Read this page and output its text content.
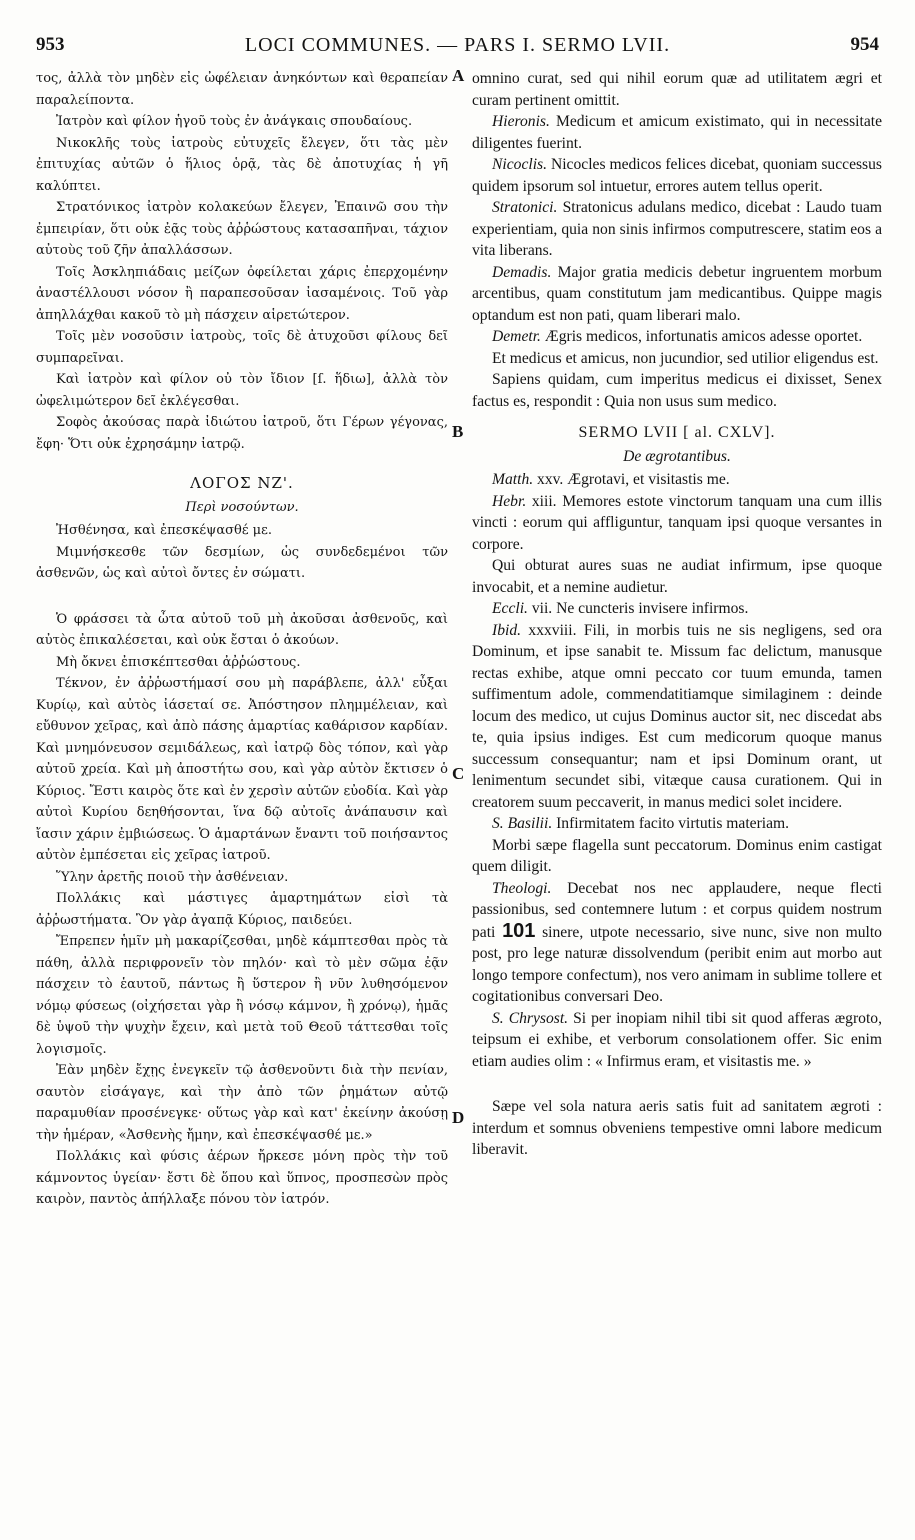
953	LOCI COMMUNES. — PARS I. SERMO LVII.	954
A
B
C
D

τος, ἀλλὰ τὸν μηδὲν εἰς ὠφέλειαν ἀνηκόντων καὶ θεραπείαν παραλείποντα.

Ἰατρὸν καὶ φίλον ἡγοῦ τοὺς ἐν ἀνάγκαις σπουδαίους.

Νικοκλῆς τοὺς ἰατροὺς εὐτυχεῖς ἔλεγεν, ὅτι τὰς μὲν ἐπιτυχίας αὐτῶν ὁ ἥλιος ὁρᾷ, τὰς δὲ ἀποτυχίας ἡ γῆ καλύπτει.

Στρατόνικος ἰατρὸν κολακεύων ἔλεγεν, Ἐπαινῶ σου τὴν ἐμπειρίαν, ὅτι οὐκ ἐᾷς τοὺς ἀῤῥώστους κατασαπῆναι, τάχιον αὐτοὺς τοῦ ζῆν ἀπαλλάσσων.

Τοῖς Ἀσκληπιάδαις μείζων ὀφείλεται χάρις ἐπερχομένην ἀναστέλλουσι νόσον ἢ παραπεσοῦσαν ἰασαμένοις. Τοῦ γὰρ ἀπηλλάχθαι κακοῦ τὸ μὴ πάσχειν αἱρετώτερον.

Τοῖς μὲν νοσοῦσιν ἰατροὺς, τοῖς δὲ ἀτυχοῦσι φίλους δεῖ συμπαρεῖναι.

Καὶ ἰατρὸν καὶ φίλον οὐ τὸν ἴδιον [ſ. ἥδιω], ἀλλὰ τὸν ὠφελιμώτερον δεῖ ἐκλέγεσθαι.

Σοφὸς ἀκούσας παρὰ ἰδιώτου ἰατροῦ, ὅτι Γέρων γέγονας, ἔφη· Ὅτι οὐκ ἐχρησάμην ἰατρῷ.

ΛΟΓΟΣ ΝΖ'.
Περὶ νοσούντων.

Ἠσθένησα, καὶ ἐπεσκέψασθέ με.

Μιμνήσκεσθε τῶν δεσμίων, ὡς συνδεδεμένοι τῶν ἀσθενῶν, ὡς καὶ αὐτοὶ ὄντες ἐν σώματι.

Ὁ φράσσει τὰ ὦτα αὐτοῦ τοῦ μὴ ἀκοῦσαι ἀσθενοῦς, καὶ αὐτὸς ἐπικαλέσεται, καὶ οὐκ ἔσται ὁ ἀκούων.

Μὴ ὄκνει ἐπισκέπτεσθαι ἀῤῥώστους.

Τέκνον, ἐν ἀῤῥωστήμασί σου μὴ παράβλεπε, ἀλλ' εὖξαι Κυρίῳ, καὶ αὐτὸς ἰάσεταί σε. Ἀπόστησον πλημμέλειαν, καὶ εὔθυνον χεῖρας, καὶ ἀπὸ πάσης ἁμαρτίας καθάρισον καρδίαν. Καὶ μνημόνευσον σεμιδάλεως, καὶ ἰατρῷ δὸς τόπον, καὶ γὰρ αὐτοῦ χρεία. Καὶ μὴ ἀποστήτω σου, καὶ γὰρ αὐτὸν ἔκτισεν ὁ Κύριος. Ἔστι καιρὸς ὅτε καὶ ἐν χερσὶν αὐτῶν εὐοδία. Καὶ γὰρ αὐτοὶ Κυρίου δεηθήσονται, ἵνα δῷ αὐτοῖς ἀνάπαυσιν καὶ ἴασιν χάριν ἐμβιώσεως. Ὁ ἁμαρτάνων ἔναντι τοῦ ποιήσαντος αὐτὸν ἐμπέσεται εἰς χεῖρας ἰατροῦ.

Ὕλην ἀρετῆς ποιοῦ τὴν ἀσθένειαν.

Πολλάκις καὶ μάστιγες ἁμαρτημάτων εἰσὶ τὰ ἀῤῥωστήματα. Ὃν γὰρ ἀγαπᾷ Κύριος, παιδεύει.

Ἔπρεπεν ἡμῖν μὴ μακαρίζεσθαι, μηδὲ κάμπτεσθαι πρὸς τὰ πάθη, ἀλλὰ περιφρονεῖν τὸν πηλόν· καὶ τὸ μὲν σῶμα ἐᾷν πάσχειν τὸ ἑαυτοῦ, πάντως ἢ ὕστερον ἢ νῦν λυθησόμενον νόμῳ φύσεως (οἰχήσεται γὰρ ἢ νόσῳ κάμνον, ἢ χρόνῳ), ἡμᾶς δὲ ὑψοῦ τὴν ψυχὴν ἔχειν, καὶ μετὰ τοῦ Θεοῦ τάττεσθαι τοῖς λογισμοῖς.

Ἐὰν μηδὲν ἔχῃς ἐνεγκεῖν τῷ ἀσθενοῦντι διὰ τὴν πενίαν, σαυτὸν εἰσάγαγε, καὶ τὴν ἀπὸ τῶν ῥημάτων αὐτῷ παραμυθίαν προσένεγκε· οὕτως γὰρ καὶ κατ' ἐκείνην ἀκούσῃ τὴν ἡμέραν, «Ἀσθενὴς ἤμην, καὶ ἐπεσκέψασθέ με.»

Πολλάκις καὶ φύσις ἀέρων ἤρκεσε μόνη πρὸς τὴν τοῦ κάμνοντος ὑγείαν· ἔστι δὲ ὅπου καὶ ὕπνος, προσπεσὼν πρὸς καιρὸν, παντὸς ἀπήλλαξε πόνου τὸν ἰατρόν.

omnino curat, sed qui nihil eorum quæ ad utilitatem ægri et curam pertinent omittit.

Hieronis. Medicum et amicum existimato, qui in necessitate diligentes fuerint.

Nicoclis. Nicocles medicos felices dicebat, quoniam successus quidem ipsorum sol intuetur, errores autem tellus operit.

Stratonici. Stratonicus adulans medico, dicebat : Laudo tuam experientiam, quia non sinis infirmos computrescere, statim eos a vita liberans.

Demadis. Major gratia medicis debetur ingruentem morbum arcentibus, quam constitutum jam medicantibus. Quippe magis optandum est non pati, quam liberari malo.

Demetr. Ægris medicos, infortunatis amicos adesse oportet.

Et medicus et amicus, non jucundior, sed utilior eligendus est.

Sapiens quidam, cum imperitus medicus ei dixisset, Senex factus es, respondit : Quia non usus sum medico.

SERMO LVII [ al. CXLV].
De ægrotantibus.

Matth. xxv. Ægrotavi, et visitastis me.

Hebr. xiii. Memores estote vinctorum tanquam una cum illis vincti : eorum qui affliguntur, tanquam ipsi quoque versantes in corpore.

Qui obturat aures suas ne audiat infirmum, ipse quoque invocabit, et a nemine audietur.

Eccli. vii. Ne cuncteris invisere infirmos.

Ibid. xxxviii. Fili, in morbis tuis ne sis negligens, sed ora Dominum, et ipse sanabit te. Missum fac delictum, manusque rectas exhibe, atque omni peccato cor tuum emunda, tamen suffimentum adole, commendatitiamque similaginem : deinde locum des medico, ut cujus Dominus auctor sit, nec discedat abs te, quia ipsius indiges. Est cum medicorum quoque manus successum consequantur; nam et ipsi Dominum orant, ut lenimentum secundet sibi, vitæque causa curationem. Qui in creatorem suum peccaverit, in manus medici solet incidere.

S. Basilii. Infirmitatem facito virtutis materiam.

Morbi sæpe flagella sunt peccatorum. Dominus enim castigat quem diligit.

Theologi. Decebat nos nec applaudere, neque flecti passionibus, sed contemnere lutum : et corpus quidem nostrum pati 101 sinere, utpote necessario, sive nunc, sive non multo post, pro lege naturæ dissolvendum (peribit enim aut morbo aut longo tempore confectum), nos vero animam in sublime tollere et cogitationibus conversari Deo.

S. Chrysost. Si per inopiam nihil tibi sit quod afferas ægroto, teipsum ei exhibe, et verborum consolationem offer. Sic enim etiam audies olim : « Infirmus eram, et visitastis me. »

Sæpe vel sola natura aeris satis fuit ad sanitatem ægroti : interdum et somnus obveniens tempestive omni labore medicum liberavit.
